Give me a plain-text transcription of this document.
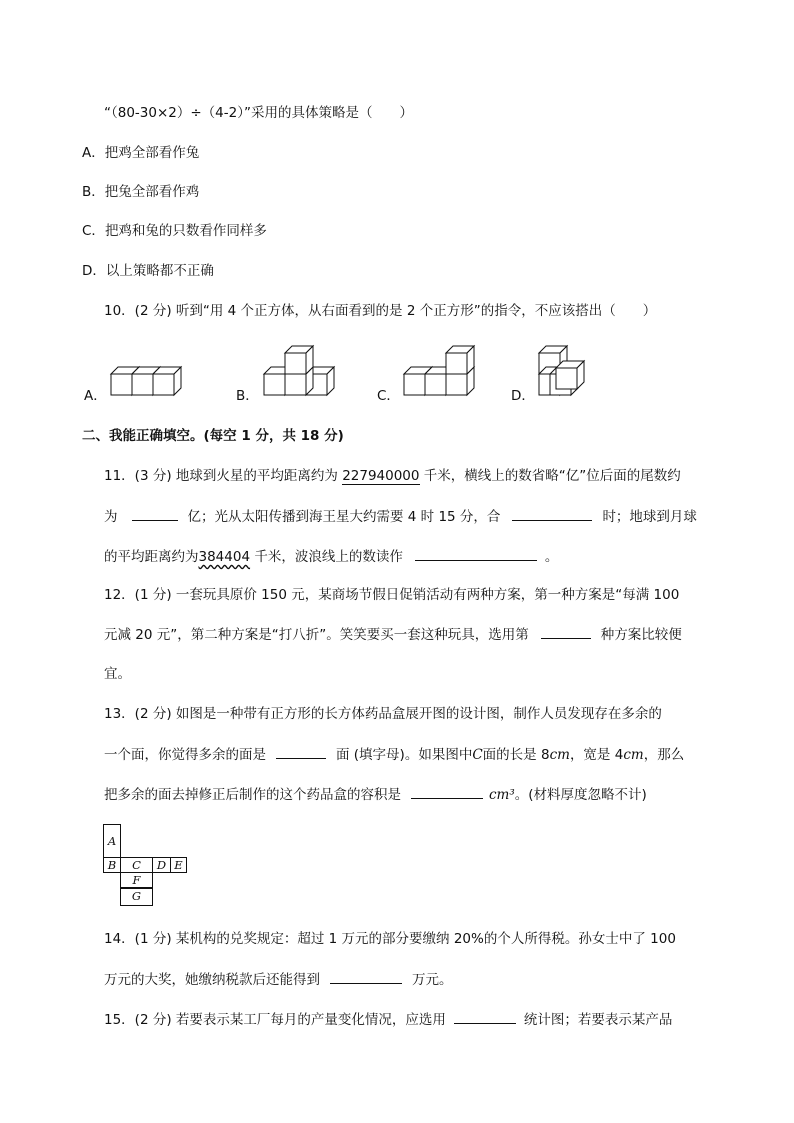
“（80-30×2）÷（4-2）”采用的具体策略是（　　）
A．把鸡全部看作兔
B．把兔全部看作鸡
C．把鸡和兔的只数看作同样多
D．以上策略都不正确
10．(2 分) 听到“用 4 个正方体，从右面看到的是 2 个正方形”的指令，不应该搭出（　　）
A．	B．	C．	D．
二、我能正确填空。(每空 1 分，共 18 分)
11．(3 分) 地球到火星的平均距离约为 227940000 千米，横线上的数省略“亿”位后面的尾数约
为	亿；光从太阳传播到海王星大约需要 4 时 15 分，合	时；地球到月球
的平均距离约为384404 千米，波浪线上的数读作	。
12．(1 分) 一套玩具原价 150 元，某商场节假日促销活动有两种方案，第一种方案是“每满 100
元减 20 元”，第二种方案是“打八折”。笑笑要买一套这种玩具，选用第	种方案比较便
宜。
13．(2 分) 如图是一种带有正方形的长方体药品盒展开图的设计图，制作人员发现存在多余的
一个面，你觉得多余的面是	面 (填字母)。如果图中C面的长是 8cm，宽是 4cm，那么
把多余的面去掉修正后制作的这个药品盒的容积是	cm³。(材料厚度忽略不计)
A
B	C	D E
F
G
14．(1 分) 某机构的兑奖规定：超过 1 万元的部分要缴纳 20%的个人所得税。孙女士中了 100
万元的大奖，她缴纳税款后还能得到	万元。
15．(2 分) 若要表示某工厂每月的产量变化情况，应选用	统计图；若要表示某产品
